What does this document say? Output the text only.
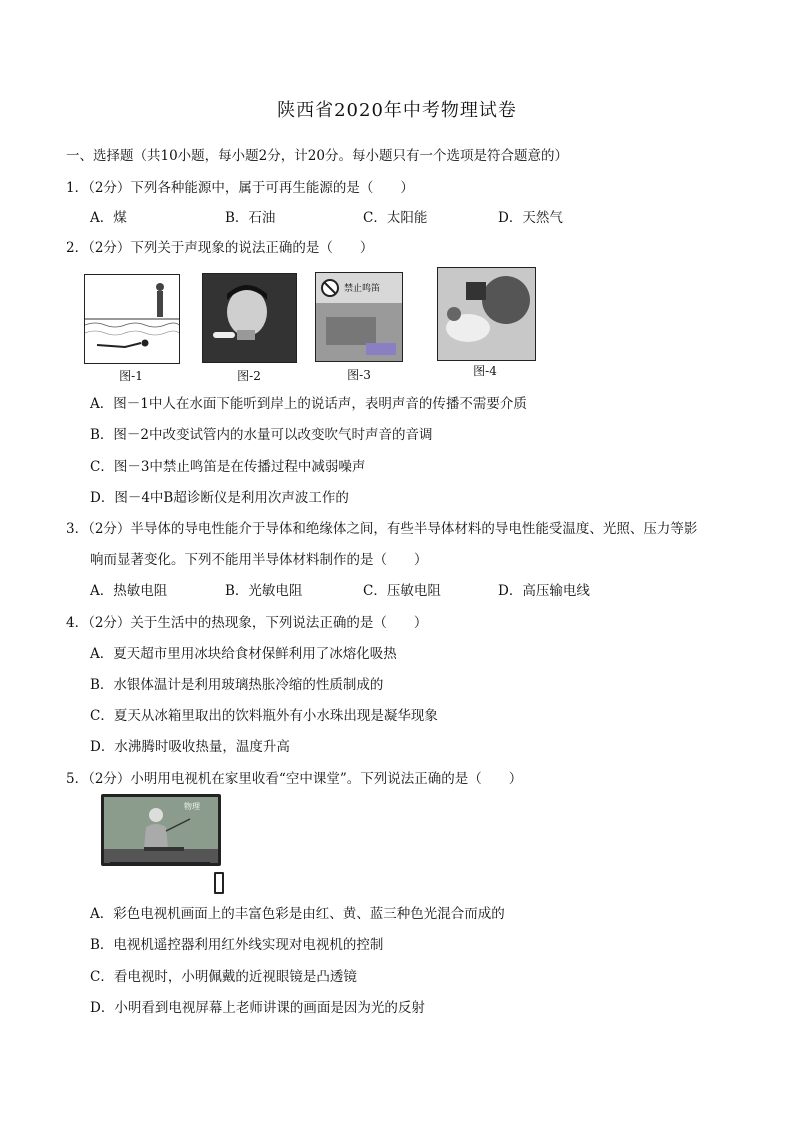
陕西省2020年中考物理试卷
一、选择题（共10小题，每小题2分，计20分。每小题只有一个选项是符合题意的）
1．（2分）下列各种能源中，属于可再生能源的是（　　）
A．煤	B．石油	C．太阳能	D．天然气
2．（2分）下列关于声现象的说法正确的是（　　）
图-1	图-2
禁止鸣笛
图-3	图-4
A．图－1中人在水面下能听到岸上的说话声，表明声音的传播不需要介质
B．图－2中改变试管内的水量可以改变吹气时声音的音调
C．图－3中禁止鸣笛是在传播过程中减弱噪声
D．图－4中B超诊断仪是利用次声波工作的
3．（2分）半导体的导电性能介于导体和绝缘体之间，有些半导体材料的导电性能受温度、光照、压力等影
响而显著变化。下列不能用半导体材料制作的是（　　）
A．热敏电阻	B．光敏电阻	C．压敏电阻	D．高压输电线
4．（2分）关于生活中的热现象，下列说法正确的是（　　）
A．夏天超市里用冰块给食材保鲜利用了冰熔化吸热
B．水银体温计是利用玻璃热胀冷缩的性质制成的
C．夏天从冰箱里取出的饮料瓶外有小水珠出现是凝华现象
D．水沸腾时吸收热量，温度升高
5．（2分）小明用电视机在家里收看“空中课堂”。下列说法正确的是（　　）
物理
A．彩色电视机画面上的丰富色彩是由红、黄、蓝三种色光混合而成的
B．电视机遥控器利用红外线实现对电视机的控制
C．看电视时，小明佩戴的近视眼镜是凸透镜
D．小明看到电视屏幕上老师讲课的画面是因为光的反射
